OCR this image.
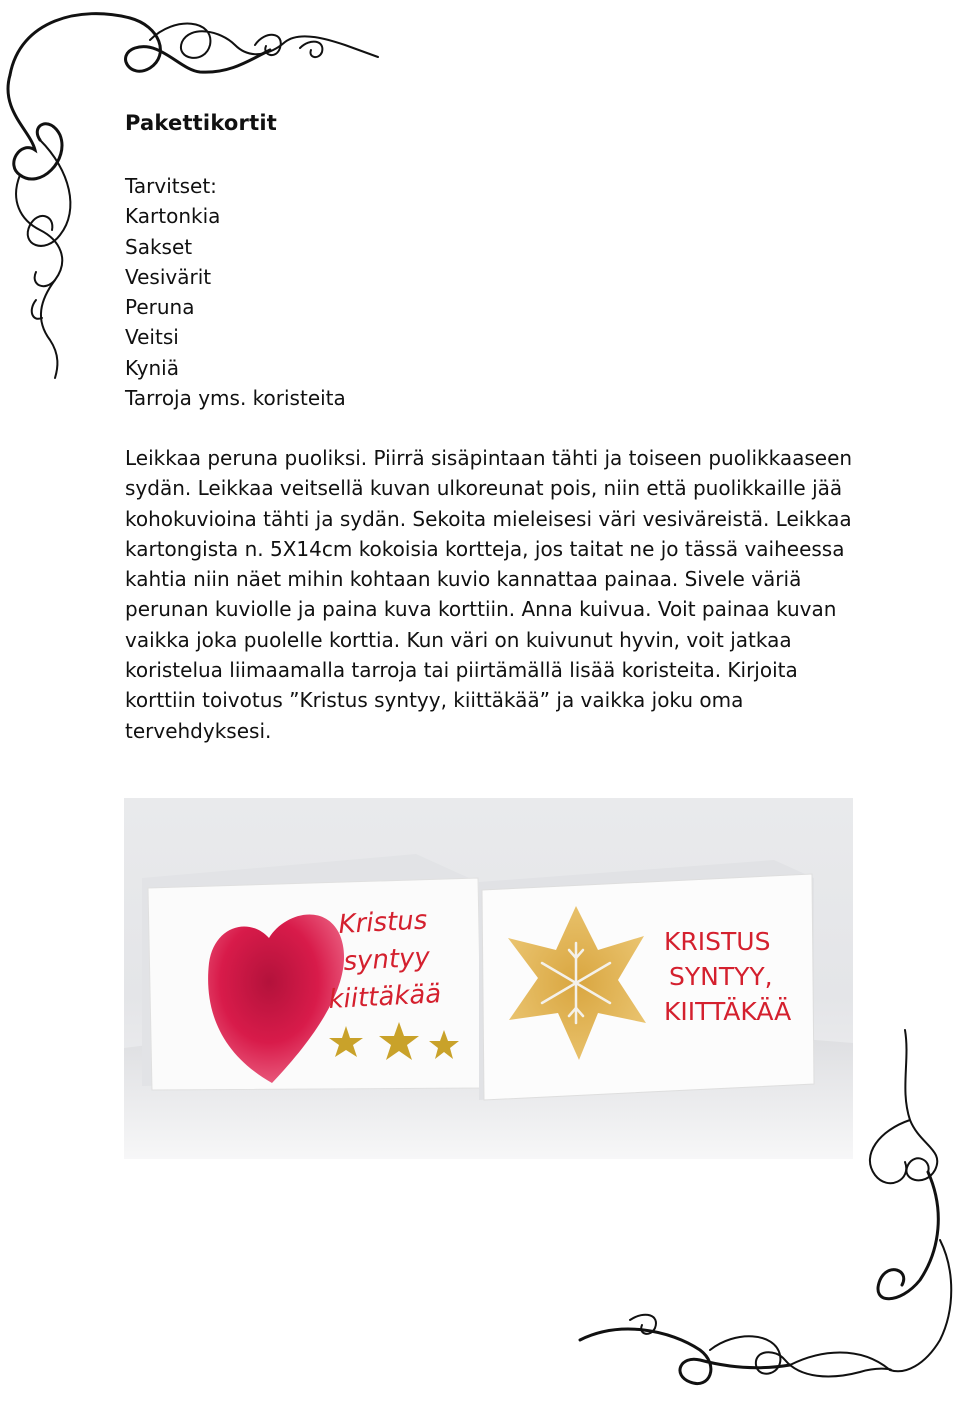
Pakettikortit
Tarvitset:
Kartonkia
Sakset
Vesivärit
Peruna
Veitsi
Kyniä
Tarroja yms. koristeita

Leikkaa peruna puoliksi. Piirrä sisäpintaan tähti ja toiseen puolikkaaseen
sydän. Leikkaa veitsellä kuvan ulkoreunat pois, niin että puolikkaille jää
kohokuvioina tähti ja sydän. Sekoita mieleisesi väri vesiväreistä. Leikkaa
kartongista n. 5X14cm kokoisia kortteja, jos taitat ne jo tässä vaiheessa
kahtia niin näet mihin kohtaan kuvio kannattaa painaa. Sivele väriä
perunan kuviolle ja paina kuva korttiin. Anna kuivua. Voit painaa kuvan
vaikka joka puolelle korttia. Kun väri on kuivunut hyvin, voit jatkaa
koristelua liimaamalla tarroja tai piirtämällä lisää koristeita. Kirjoita
korttiin toivotus ”Kristus syntyy, kiittäkää” ja vaikka joku oma
tervehdyksesi.

Kristus
syntyy
kiittäkää
KRISTUS
SYNTYY,
KIITTÄKÄÄ
